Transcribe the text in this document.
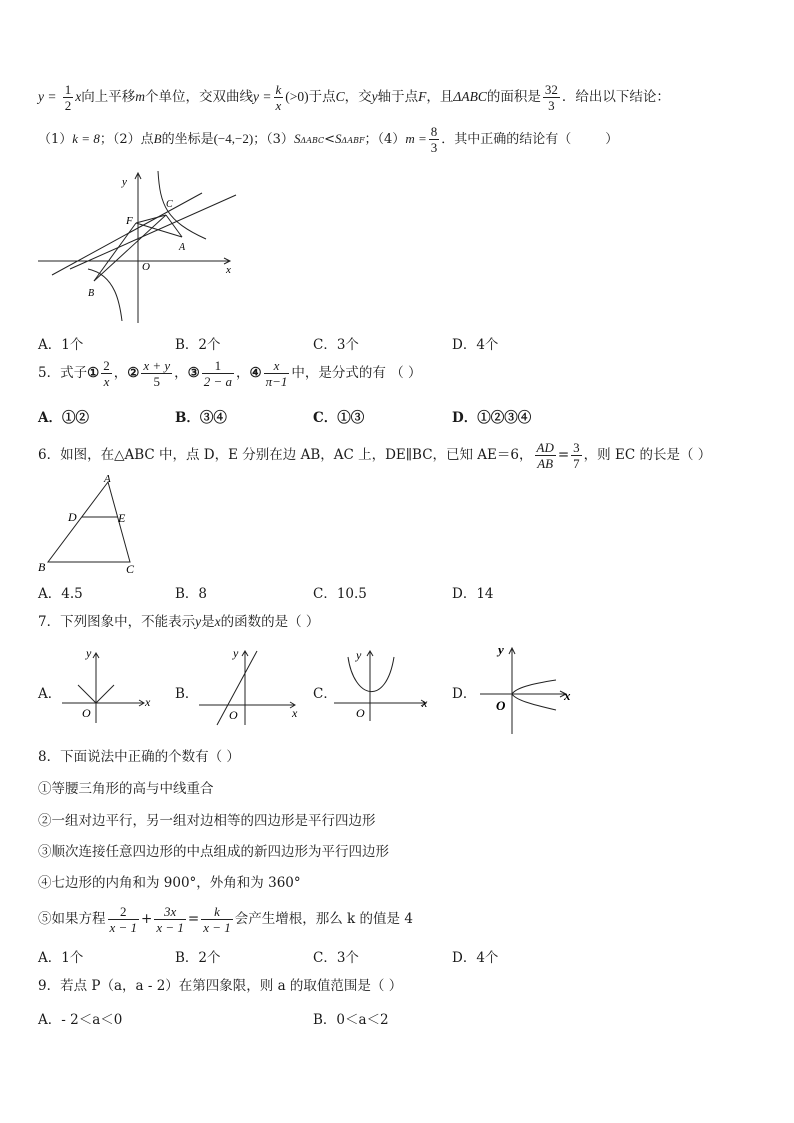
$y = \frac{1}{2}$ x向上平移m个单位，交双曲线$y = \frac{k}{x} (>0)$于点C，交y轴于点F，且ΔABC的面积是 $\frac{32}{3}$ ．给出以下结论：
（1）k = 8；（2）点B的坐标是(−4,−2)；（3）SΔABC<SΔABF；$(4)m = \frac{8}{3}$ ．其中正确的结论有（	）
y
x
O
F
C
A
B
A．1个	B．2个	C．3个	D．4个
5．式子① $\frac{2}{x}$ ，② $\frac{x + y}{5}$ ，③ $\frac{1}{2 - a}$ ，④ $\frac{x}{\pi-1}$ 中，是分式的有 （ ）
A．①②	B．③④	C．①③	D．①②③④
6．如图，在△ABC 中，点 D，E 分别在边 AB，AC 上，DE∥BC，已知 AE＝6， $\frac{AD}{AB} = \frac{3}{7}$ ，则 EC 的长是（ ）
A
B	C
D	E
A．4.5	B．8	C．10.5	D．14
7．下列图象中，不能表示y是x的函数的是（ ）
A．
y
x
O
B．
y
x
O
C．
y
x
O
D．
y
x
O
8．下面说法中正确的个数有（ ）
①等腰三角形的高与中线重合
②一组对边平行，另一组对边相等的四边形是平行四边形
③顺次连接任意四边形的中点组成的新四边形为平行四边形
④七边形的内角和为 900°，外角和为 360°
⑤如果方程 $\frac{2}{x - 1} + \frac{3x}{x - 1} = \frac{k}{x - 1}$ 会产生增根，那么 k 的值是 4
A．1个	B．2个	C．3个	D．4个
9．若点 P（a，a - 2）在第四象限，则 a 的取值范围是（ ）
A．- 2＜a＜0	B．0＜a＜2
